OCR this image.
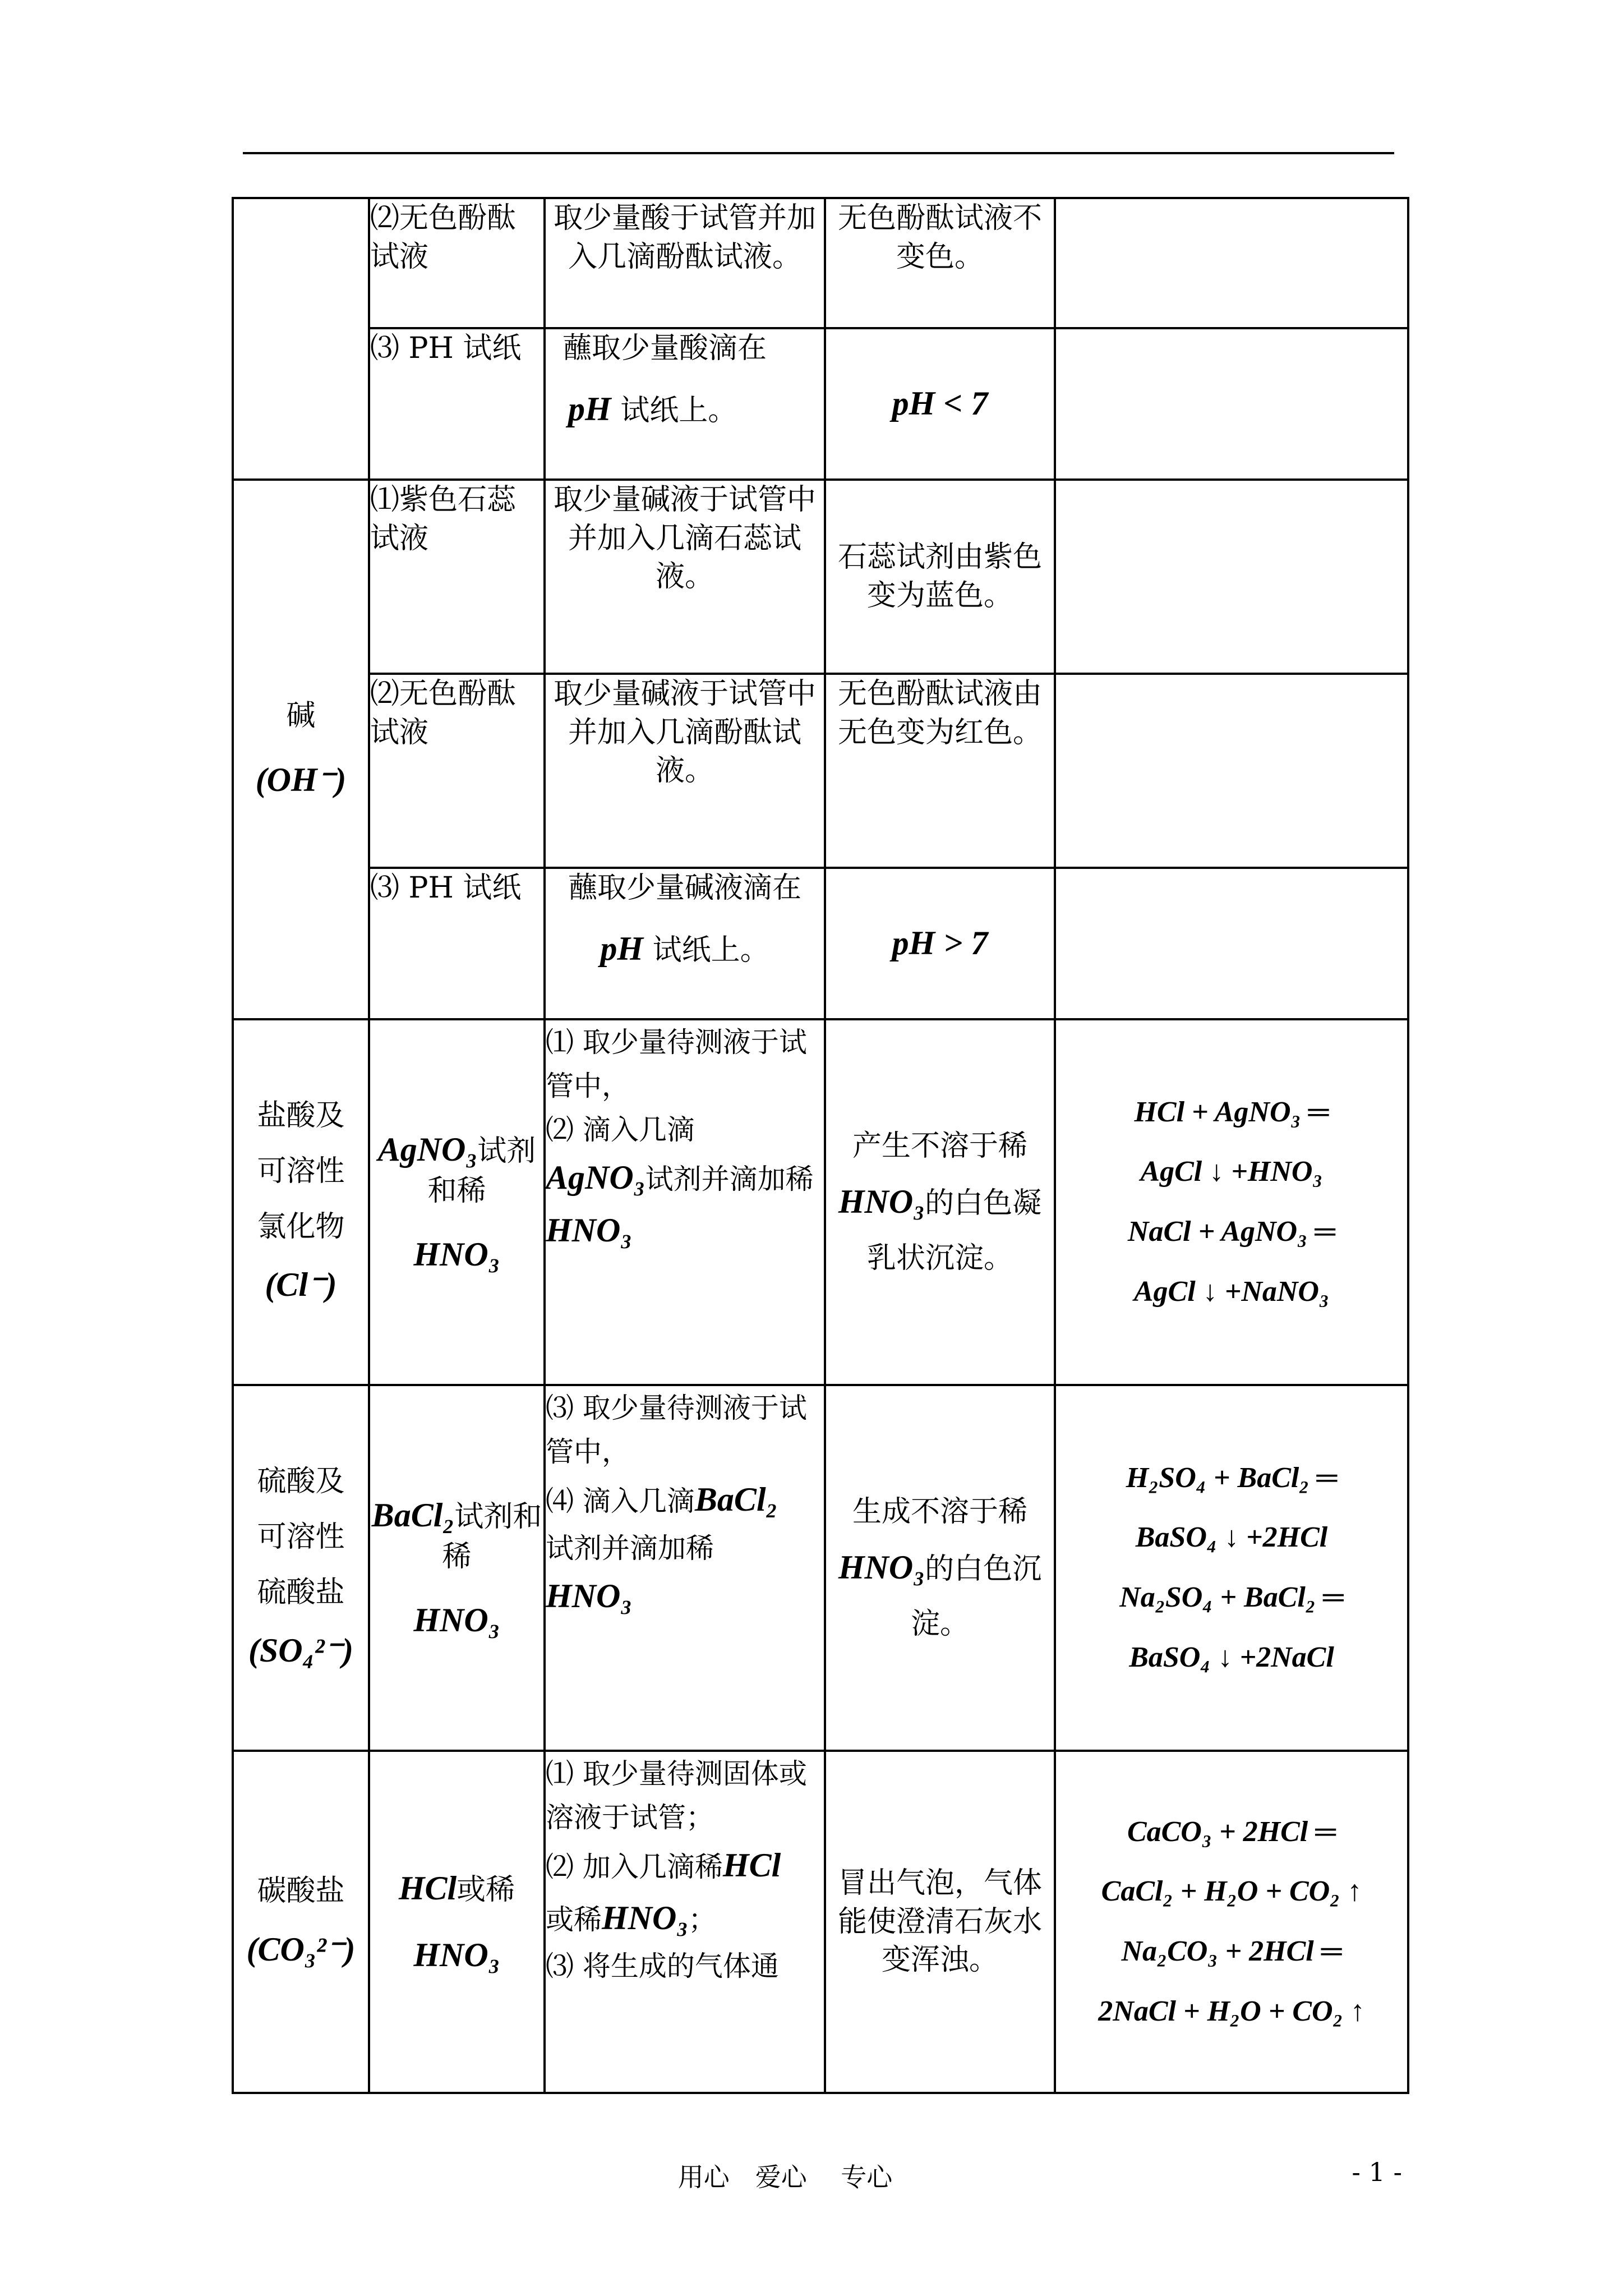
	⑵无色酚酞试液	取少量酸于试管并加入几滴酚酞试液。	无色酚酞试液不变色。	
	⑶ PH 试纸	蘸取少量酸滴在
pH 试纸上。	pH < 7	

碱
(OH⁻)	⑴紫色石蕊试液	取少量碱液于试管中并加入几滴石蕊试液。	石蕊试剂由紫色变为蓝色。	
	⑵无色酚酞试液	取少量碱液于试管中并加入几滴酚酞试液。	无色酚酞试液由无色变为红色。	
	⑶ PH 试纸	蘸取少量碱液滴在
pH 试纸上。	pH > 7	

盐酸及
可溶性
氯化物
(Cl⁻)	AgNO₃试剂和稀
HNO₃	⑴ 取少量待测液于试管中，
⑵ 滴入几滴
AgNO₃试剂并滴加稀
HNO₃	产生不溶于稀
HNO₃的白色凝乳状沉淀。	HCl + AgNO₃ ═
AgCl ↓ +HNO₃
NaCl + AgNO₃ ═
AgCl ↓ +NaNO₃

硫酸及
可溶性
硫酸盐
(SO₄²⁻)	BaCl₂试剂和稀
HNO₃	⑶ 取少量待测液于试管中，
⑷ 滴入几滴BaCl₂
试剂并滴加稀
HNO₃	生成不溶于稀
HNO₃的白色沉淀。	H₂SO₄ + BaCl₂ ═
BaSO₄ ↓ +2HCl
Na₂SO₄ + BaCl₂ ═
BaSO₄ ↓ +2NaCl

碳酸盐
(CO₃²⁻)	HCl或稀
HNO₃	⑴ 取少量待测固体或溶液于试管；
⑵ 加入几滴稀HCl
或稀HNO₃；
⑶ 将生成的气体通	冒出气泡，气体能使澄清石灰水变浑浊。	CaCO₃ + 2HCl ═
CaCl₂ + H₂O + CO₂ ↑
Na₂CO₃ + 2HCl ═
2NaCl + H₂O + CO₂ ↑
用心　爱心　 专心	- 1 -
